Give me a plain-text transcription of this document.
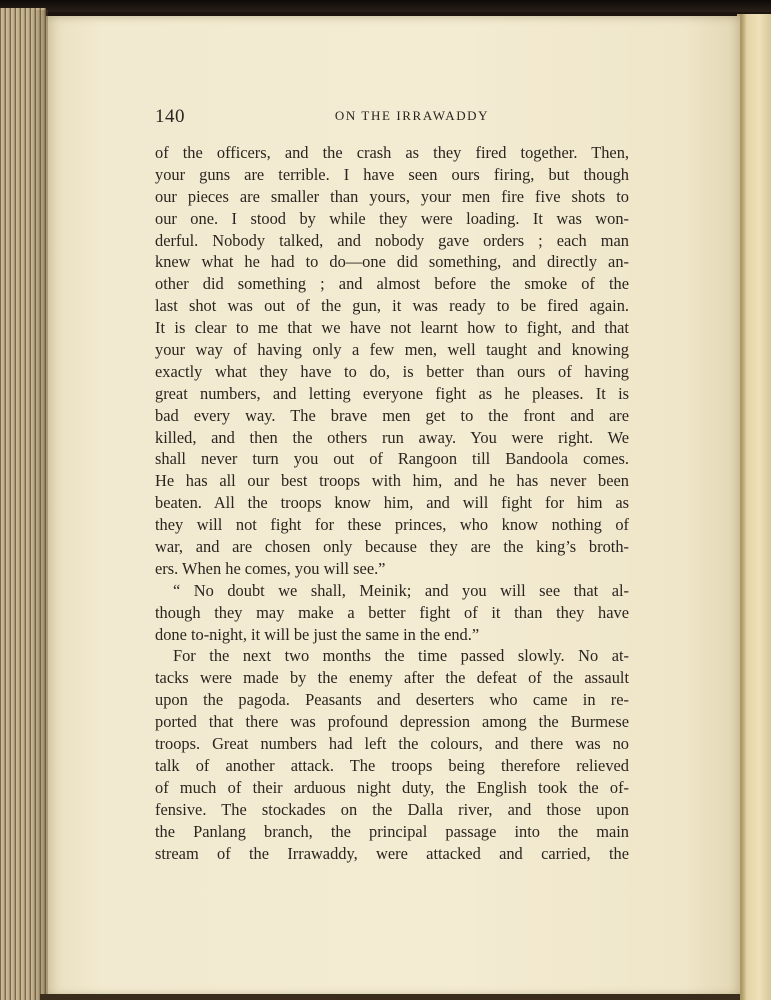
140	ON THE IRRAWADDY
of the officers, and the crash as they fired together. Then,
your guns are terrible. I have seen ours firing, but though
our pieces are smaller than yours, your men fire five shots to
our one. I stood by while they were loading. It was won-
derful. Nobody talked, and nobody gave orders ; each man
knew what he had to do—one did something, and directly an-
other did something ; and almost before the smoke of the
last shot was out of the gun, it was ready to be fired again.
It is clear to me that we have not learnt how to fight, and that
your way of having only a few men, well taught and knowing
exactly what they have to do, is better than ours of having
great numbers, and letting everyone fight as he pleases. It is
bad every way. The brave men get to the front and are
killed, and then the others run away. You were right. We
shall never turn you out of Rangoon till Bandoola comes.
He has all our best troops with him, and he has never been
beaten. All the troops know him, and will fight for him as
they will not fight for these princes, who know nothing of
war, and are chosen only because they are the king’s broth-
ers. When he comes, you will see.”
“ No doubt we shall, Meinik; and you will see that al-
though they may make a better fight of it than they have
done to-night, it will be just the same in the end.”
For the next two months the time passed slowly. No at-
tacks were made by the enemy after the defeat of the assault
upon the pagoda. Peasants and deserters who came in re-
ported that there was profound depression among the Burmese
troops. Great numbers had left the colours, and there was no
talk of another attack. The troops being therefore relieved
of much of their arduous night duty, the English took the of-
fensive. The stockades on the Dalla river, and those upon
the Panlang branch, the principal passage into the main
stream of the Irrawaddy, were attacked and carried, the
